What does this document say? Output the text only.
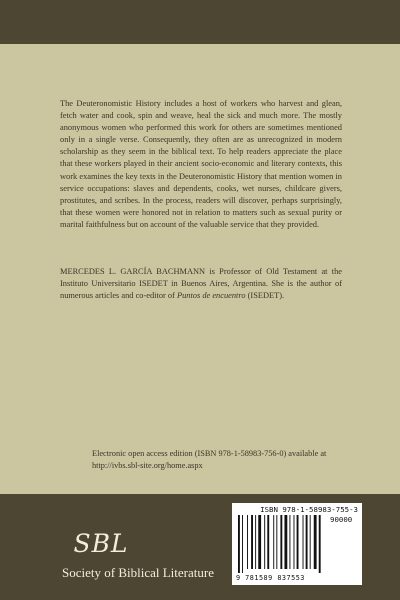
The Deuteronomistic History includes a host of workers who harvest and glean, fetch water and cook, spin and weave, heal the sick and much more. The mostly anonymous women who performed this work for others are sometimes mentioned only in a single verse. Consequently, they often are as unrecognized in modern scholarship as they seem in the biblical text. To help readers appreciate the place that these workers played in their ancient socio-economic and literary contexts, this work examines the key texts in the Deuteronomistic History that mention women in service occupations: slaves and dependents, cooks, wet nurses, childcare givers, prostitutes, and scribes. In the process, readers will discover, perhaps surprisingly, that these women were honored not in relation to matters such as sexual purity or marital faithfulness but on account of the valuable service that they provided.

MERCEDES L. GARCÍA BACHMANN is Professor of Old Testament at the Instituto Universitario ISEDET in Buenos Aires, Argentina. She is the author of numerous articles and co-editor of Puntos de encuentro (ISEDET).

Electronic open access edition (ISBN 978-1-58983-756-0) available at
http://ivbs.sbl-site.org/home.aspx

SBL
Society of Biblical Literature
ISBN 978-1-58983-755-3
90000
9 781589 837553
